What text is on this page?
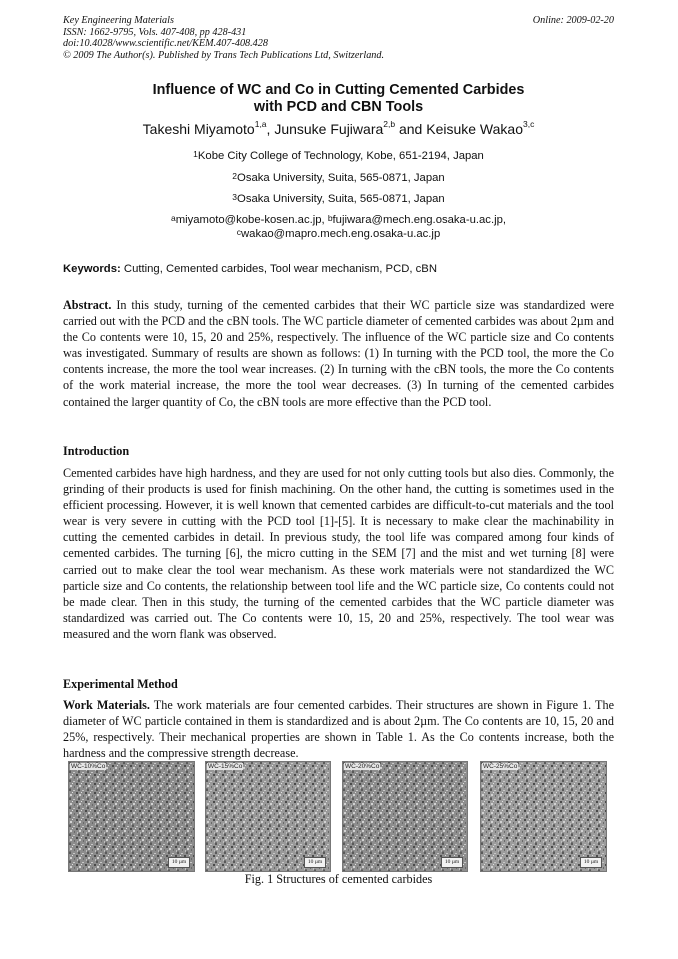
Key Engineering Materials	Online: 2009-02-20
ISSN: 1662-9795, Vols. 407-408, pp 428-431
doi:10.4028/www.scientific.net/KEM.407-408.428
© 2009 The Author(s). Published by Trans Tech Publications Ltd, Switzerland.
Influence of WC and Co in Cutting Cemented Carbides
with PCD and CBN Tools
Takeshi Miyamoto$^{1,a}$, Junsuke Fujiwara$^{2,b}$ and Keisuke Wakao$^{3,c}$
$^1$Kobe City College of Technology, Kobe, 651-2194, Japan
$^2$Osaka University, Suita, 565-0871, Japan
$^3$Osaka University, Suita, 565-0871, Japan
$^a$miyamoto@kobe-kosen.ac.jp, $^b$fujiwara@mech.eng.osaka-u.ac.jp,
$^c$wakao@mapro.mech.eng.osaka-u.ac.jp
Keywords: Cutting, Cemented carbides, Tool wear mechanism, PCD, cBN

Abstract. In this study, turning of the cemented carbides that their WC particle size was standardized were carried out with the PCD and the cBN tools. The WC particle diameter of cemented carbides was about 2µm and the Co contents were 10, 15, 20 and 25%, respectively. The influence of the WC particle size and Co contents was investigated. Summary of results are shown as follows: (1) In turning with the PCD tool, the more the Co contents increase, the more the tool wear increases. (2) In turning with the cBN tools, the more the Co contents of the work material increase, the more the tool wear decreases. (3) In turning of the cemented carbides contained the larger quantity of Co, the cBN tools are more effective than the PCD tool.

Introduction

Cemented carbides have high hardness, and they are used for not only cutting tools but also dies. Commonly, the grinding of their products is used for finish machining. On the other hand, the cutting is sometimes used in the efficient processing. However, it is well known that cemented carbides are difficult-to-cut materials and the tool wear is very severe in cutting with the PCD tool [1]-[5]. It is necessary to make clear the machinability in cutting the cemented carbides in detail. In previous study, the tool life was compared among four kinds of cemented carbides. The turning [6], the micro cutting in the SEM [7] and the mist and wet turning [8] were carried out to make clear the tool wear mechanism. As these work materials were not standardized the WC particle size and Co contents, the relationship between tool life and the WC particle size, Co contents could not be made clear. Then in this study, the turning of the cemented carbides that the WC particle diameter was standardized was carried out. The Co contents were 10, 15, 20 and 25%, respectively. The tool wear was measured and the worn flank was observed.

Experimental Method

Work Materials. The work materials are four cemented carbides. Their structures are shown in Figure 1. The diameter of WC particle contained in them is standardized and is about 2µm. The Co contents are 10, 15, 20 and 25%, respectively. Their mechanical properties are shown in Table 1. As the Co contents increase, both the hardness and the compressive strength decrease.

WC-10%Co
10 µm
WC-15%Co
10 µm
WC-20%Co
10 µm
WC-25%Co
10 µm
Fig. 1 Structures of cemented carbides
